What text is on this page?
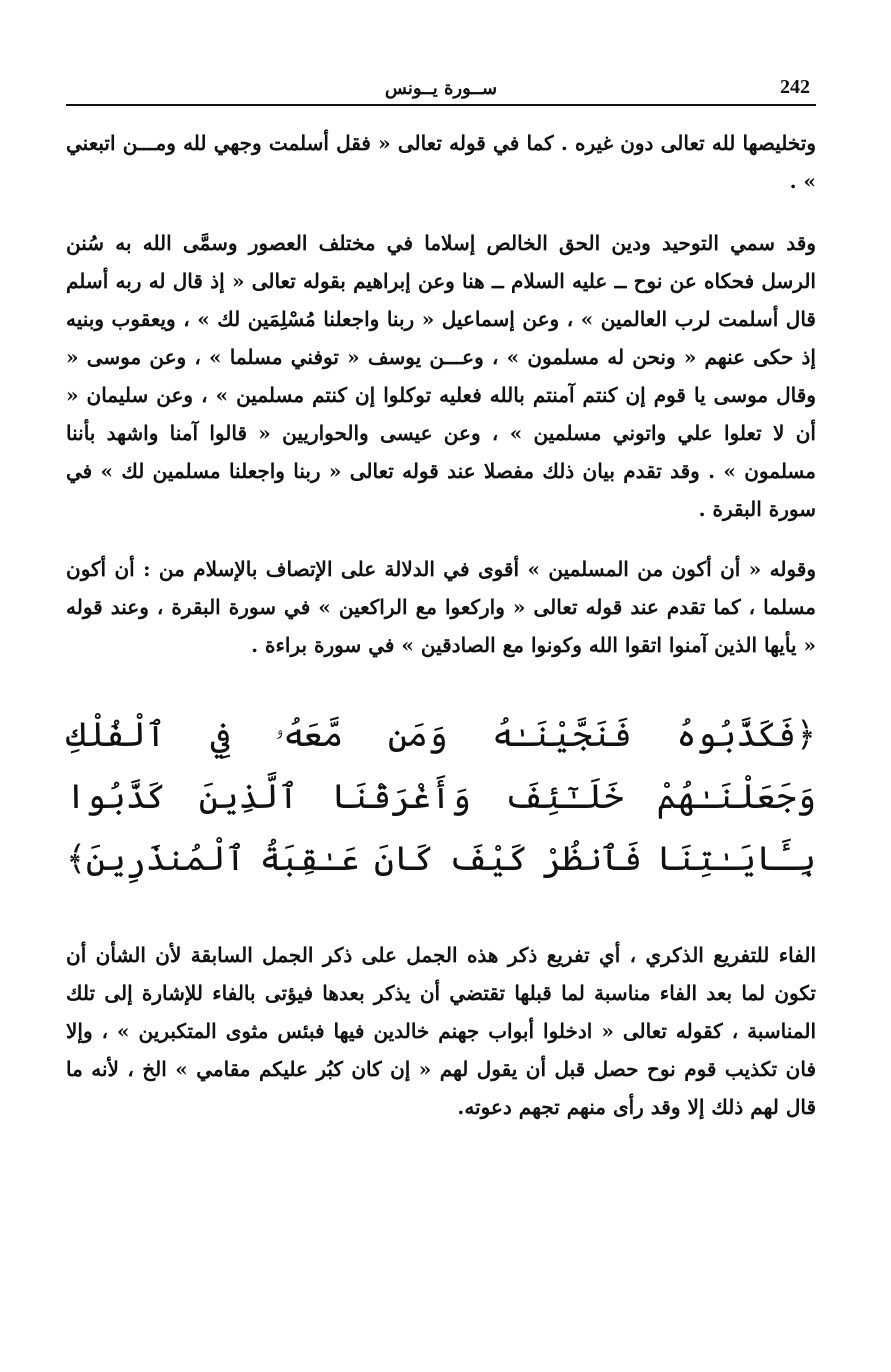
242
ســورة يــونس

وتخليصها لله تعالى دون غيره . كما في قوله تعالى « فقل أسلمت وجهي لله ومـــن اتبعني » .

وقد سمي التوحيد ودين الحق الخالص إسلاما في مختلف العصور وسمَّى الله به سُنن الرسل فحكاه عن نوح ــ عليه السلام ــ هنا وعن إبراهيم بقوله تعالى « إذ قال له ربه أسلم قال أسلمت لرب العالمين » ، وعن إسماعيل « ربنا واجعلنا مُسْلِمَين لك » ، ويعقوب وبنيه إذ حكى عنهم « ونحن له مسلمون » ، وعـــن يوسف « توفني مسلما » ، وعن موسى « وقال موسى يا قوم إن كنتم آمنتم بالله فعليه توكلوا إن كنتم مسلمين » ، وعن سليمان « أن لا تعلوا علي واتوني مسلمين » ، وعن عيسى والحواريين « قالوا آمنا واشهد بأننا مسلمون » . وقد تقدم بيان ذلك مفصلا عند قوله تعالى « ربنا واجعلنا مسلمين لك » في سورة البقرة .

وقوله « أن أكون من المسلمين » أقوى في الدلالة على الإتصاف بالإسلام من : أن أكون مسلما ، كما تقدم عند قوله تعالى « واركعوا مع الراكعين » في سورة البقرة ، وعند قوله « يأيها الذين آمنوا اتقوا الله وكونوا مع الصادقين » في سورة براءة .

﴿فَكَذَّبُوهُ فَنَجَّيْنَـٰهُ وَمَن مَّعَهُۥ فِي ٱلْفُلْكِ وَجَعَلْنَـٰهُمْ خَلَـٰٓئِفَ وَأَغْرَقْنَا ٱلَّذِينَ كَذَّبُوا بِـَٔايَـٰتِنَا فَٱنظُرْ كَيْفَ كَانَ عَـٰقِبَةُ ٱلْمُنذَرِينَ﴾

الفاء للتفريع الذكري ، أي تفريع ذكر هذه الجمل على ذكر الجمل السابقة لأن الشأن أن تكون لما بعد الفاء مناسبة لما قبلها تقتضي أن يذكر بعدها فيؤتى بالفاء للإشارة إلى تلك المناسبة ، كقوله تعالى « ادخلوا أبواب جهنم خالدين فيها فبئس مثوى المتكبرين » ، وإلا فان تكذيب قوم نوح حصل قبل أن يقول لهم « إن كان كبُر عليكم مقامي » الخ ، لأنه ما قال لهم ذلك إلا وقد رأى منهم تجهم دعوته.
